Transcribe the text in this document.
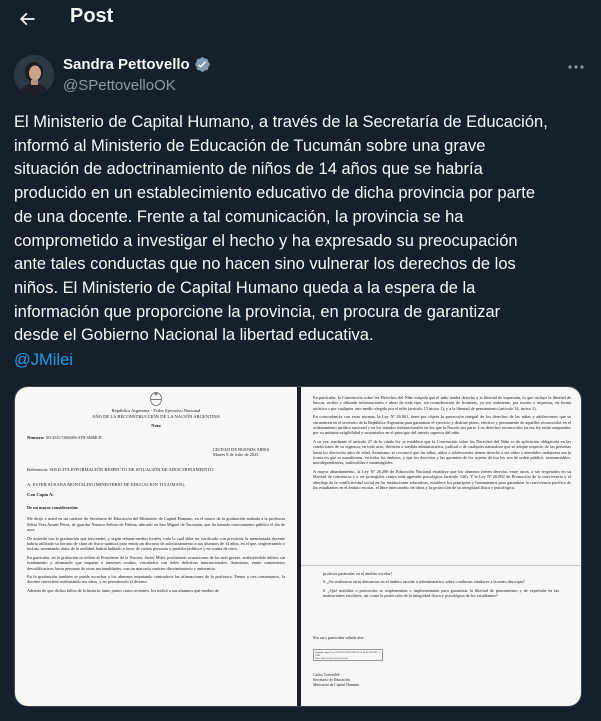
Post
Sandra Pettovello
@SPettovelloOK
El Ministerio de Capital Humano, a través de la Secretaría de Educación,
informó al Ministerio de Educación de Tucumán sobre una grave
situación de adoctrinamiento de niños de 14 años que se habría
producido en un establecimiento educativo de dicha provincia por parte
de una docente. Frente a tal comunicación, la provincia se ha
comprometido a investigar el hecho y ha expresado su preocupación
ante tales conductas que no hacen sino vulnerar los derechos de los
niños. El Ministerio de Capital Humano queda a la espera de la
información que proporcione la provincia, en procura de garantizar
desde el Gobierno Nacional la libertad educativa.
@JMilei
República Argentina - Poder Ejecutivo Nacional
AÑO DE LA RECONSTRUCCIÓN DE LA NACIÓN ARGENTINA
Nota
Número: NO-2025-73069406-APN-SE#MCH
CIUDAD DE BUENOS AIRES
Martes 8 de Julio de 2025
Referencia: SOLICITA INFORMACIÓN RESPECTO DE SITUACIÓN DE ADOCTRINAMIENTO
A: ESTER SUSANA MONTALDO (MINISTERIO DE EDUCACION TUCUMAN),
Con Copia A:

De mi mayor consideración:

Me dirijo a usted en mi carácter de Secretario de Educación del Ministerio de Capital Humano, en el marco de la graduación ambada a la profesora Silvia Vera Amate Pérez, de guardar Nuestra Señora de Fátima, ubicado en San Miguel de Tucumán, que ha tomado conocimiento público el día de ayer.

De acuerdo con la graduación que trascendió, y según relatan medios locales, todo lo cual debe ser verificado con precisión, la mencionada docente habría utilizado su horario de clase de físico-química para emitir un discurso de adoctrinamiento a sus alumnos de 14 años, en el que, tergiversando o incluso inventando datos de la realidad, habría hablado a favor de ciertas personas y partidos políticos y en contra de otros.

En particular, en la grabación se refiere al Presidente de la Nación, Javier Milei, profiriendo acusaciones de las más graves, atribuyéndole delitos sin fundamento y afirmando que imputan a intereses ocultos, vinculados con redes delictivas internacionales. Asimismo, emite comentarios descalificativos hacia personas de otras nacionalidades, con un marcado carácter discriminatorio y antisemita.

En la graduación también se puede escuchar a los alumnos intentando contradecir las afirmaciones de la profesora. Frente a tres comentarios, la docente interviene reafirmando sus ideas, y no permitiendo el disenso.

Además de que dichos fallos de la historia, tanto juntos como recientes, los indicó a sus alumnos qué medios de

En particular, la Convención sobre los Derechos del Niño estipula que el niño tendrá derecho a la libertad de expresión, lo que incluye la libertad de buscar, recibir y difundir informaciones e ideas de toda tipo, sin consideración de fronteras, ya sea oralmente, por escrito o impresas, en forma artística o por cualquier otro medio elegido por el niño (artículo 13 inciso 1), y a la libertad de pensamiento (artículo 14, inciso 1).

En concordancia con estas normas, la Ley Nº 26.061, tiene por objeto la protección integral de los derechos de las niñas y adolescentes que se encuentren en el territorio de la República Argentina para garantizar el ejercicio y disfrute pleno, efectivo y permanente de aquellos reconocidos en el ordenamiento jurídico nacional y en los tratados internacionales en los que la Nación sea parte. Los derechos reconocidos en esa ley están asegurados por su máxima exigibilidad y sustentados en el principio del interés superior del niño.

A su vez, mediante el artículo 27 de la citada ley se establece que la Convención sobre los Derechos del Niño es de aplicación obligatoria en las condiciones de su vigencia, en todo acto, decisión o medida administrativa, judicial o de cualquier naturaleza que se adopte respecto de las personas hasta los dieciocho años de edad. Asimismo, se reconoce que las niñas, niños o adolescentes tienen derecho a ser oídos y atendidos cualquiera sea la forma en que se manifiesten, en todos los ámbitos, y que los derechos y las garantías de los sujetos de esa ley son de orden público, irrenunciables, interdependientes, indivisibles e intransigibles.

A mayor abundamiento, la Ley Nº 26.206 de Educación Nacional establece que los alumnos tienen derecho, entre otros, a ser respetados en su libertad de conciencia y a ser protegidos contra toda agresión psicológica (artículo 126). Y la Ley Nº 26.892 de Promoción de la convivencia y el abordaje de la conflictividad social en las instituciones educativas, establece los principios y lineamientos para garantizar la convivencia pacífica de los estudiantes en el ámbito escolar, el libre intercambio de ideas y la protección de su integridad física y psicológica.

profesor particular en el ámbito escolar?

5. ¿Se realizaron otras denuncias en el ámbito escolar o administrativo sobre conductas similares a la antes descripta?

6. ¿Qué medidas o protocolos se implementan o implementarán para garantizar la libertad de pensamiento y de expresión en las instituciones escolares, así como la protección de la integridad física y psicológica de los estudiantes?

Sin otro particular saluda atte.

Digitally signed by GESTION DOCUMENTAL ELECTRONICA - GDE
Date: 2025.07.08 12:33:26 -03:00

Carlos Torrendell

Secretario de Educación

Ministerio de Capital Humano
